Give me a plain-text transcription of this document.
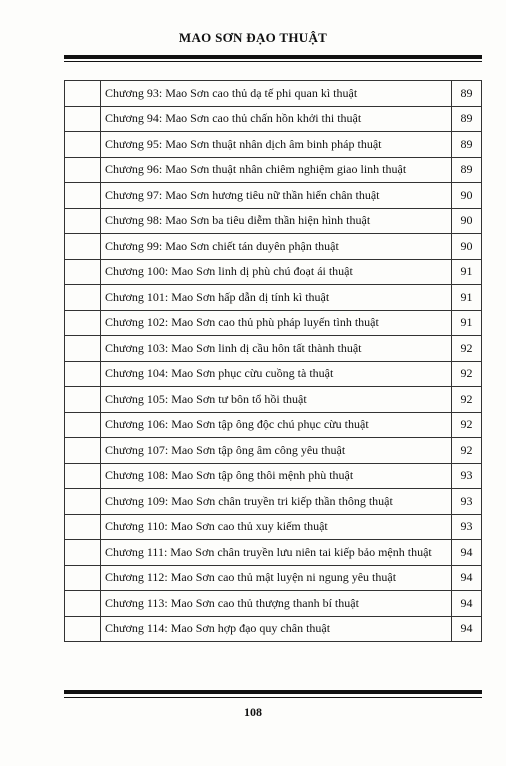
MAO SƠN ĐẠO THUẬT
	Chương 93: Mao Sơn cao thủ dạ tế phi quan kì thuật	89
	Chương 94: Mao Sơn cao thủ chấn hồn khởi thi thuật	89
	Chương 95: Mao Sơn thuật nhân dịch âm binh pháp thuật	89
	Chương 96: Mao Sơn thuật nhân chiêm nghiệm giao linh thuật	89
	Chương 97: Mao Sơn hương tiêu nữ thần hiển chân thuật	90
	Chương 98: Mao Sơn ba tiêu diễm thần hiện hình thuật	90
	Chương 99: Mao Sơn chiết tán duyên phận thuật	90
	Chương 100: Mao Sơn linh dị phù chú đoạt ái thuật	91
	Chương 101: Mao Sơn hấp dẫn dị tính kì thuật	91
	Chương 102: Mao Sơn cao thủ phù pháp luyến tình thuật	91
	Chương 103: Mao Sơn linh dị cầu hôn tất thành thuật	92
	Chương 104: Mao Sơn phục cừu cuồng tà thuật	92
	Chương 105: Mao Sơn tư bôn tổ hồi thuật	92
	Chương 106: Mao Sơn tập ông độc chú phục cừu thuật	92
	Chương 107: Mao Sơn tập ông âm công yêu thuật	92
	Chương 108: Mao Sơn tập ông thôi mệnh phù thuật	93
	Chương 109: Mao Sơn chân truyền tri kiếp thần thông thuật	93
	Chương 110: Mao Sơn cao thủ xuy kiếm thuật	93
	Chương 111: Mao Sơn chân truyền lưu niên tai kiếp bảo mệnh thuật	94
	Chương 112: Mao Sơn cao thủ mật luyện ni ngung yêu thuật	94
	Chương 113: Mao Sơn cao thủ thượng thanh bí thuật	94
	Chương 114: Mao Sơn hợp đạo quy chân thuật	94
108
